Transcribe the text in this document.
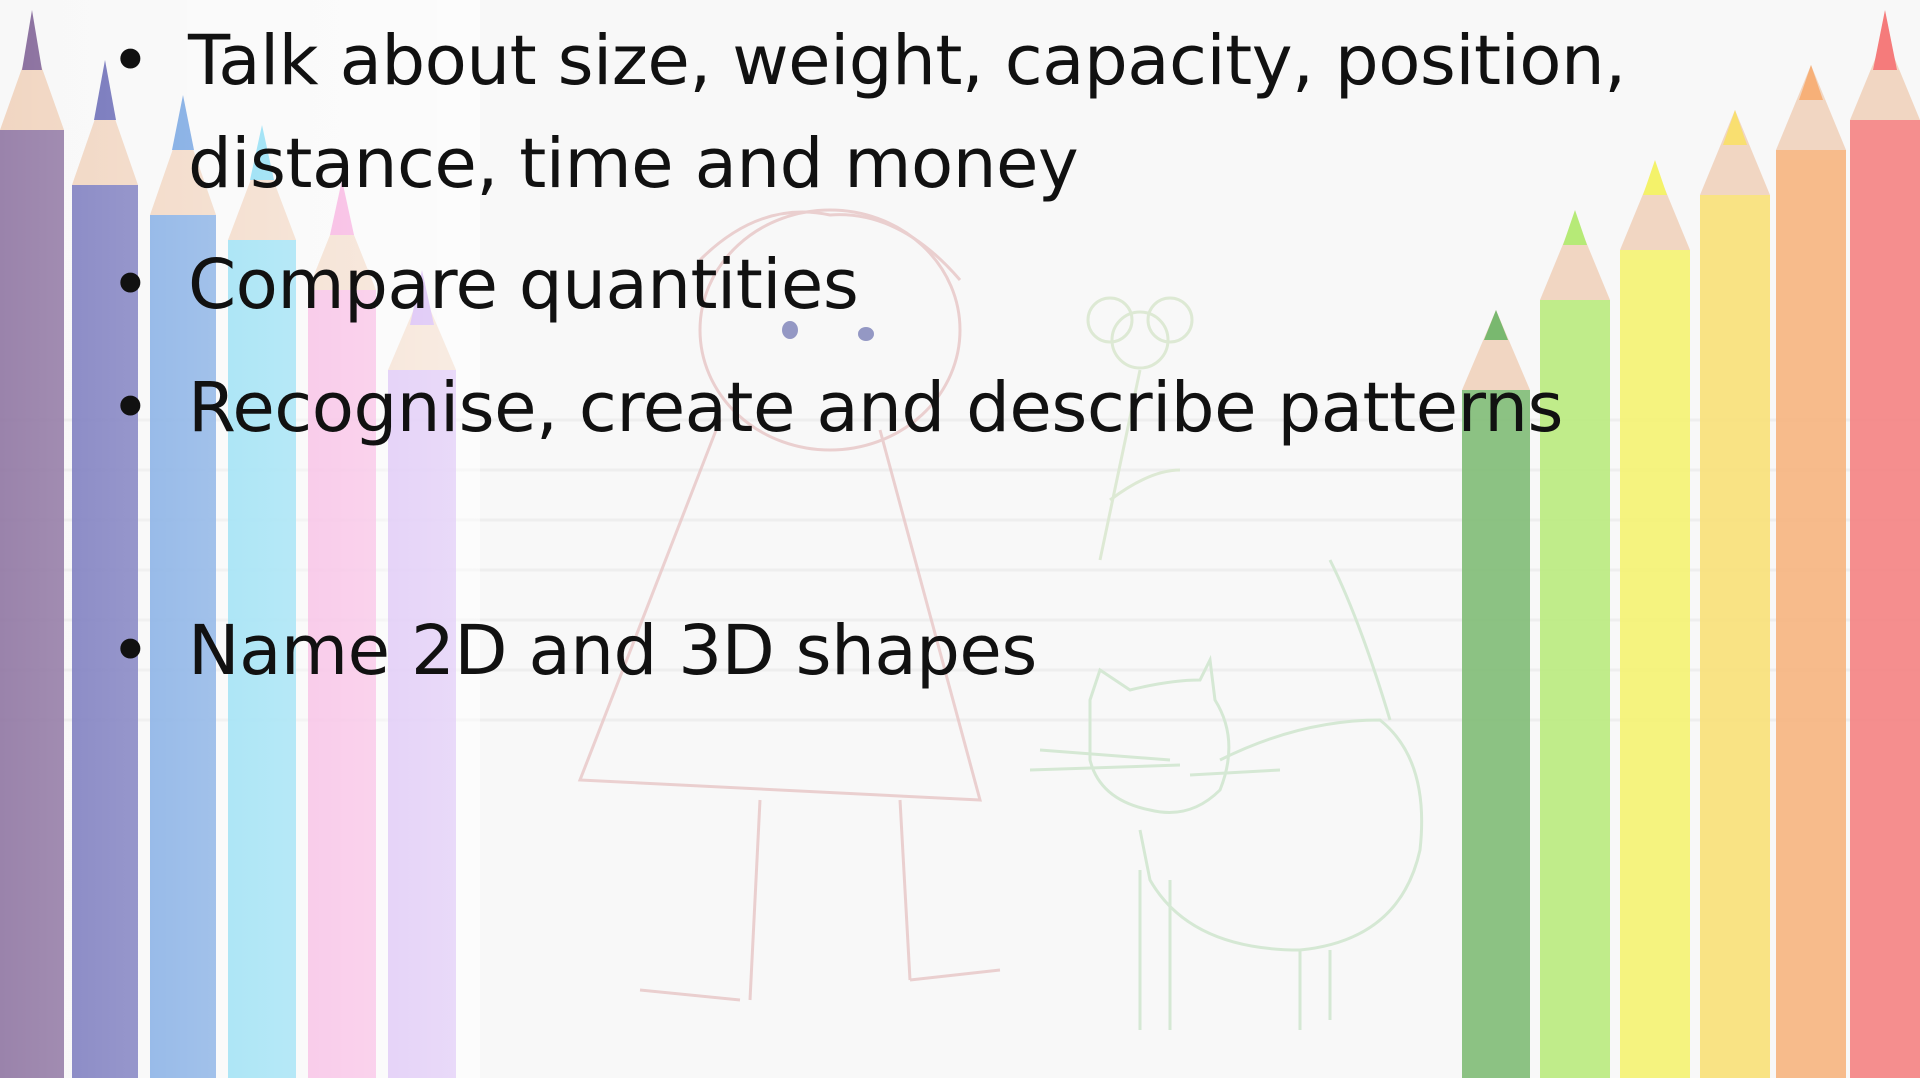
• Talk about size, weight, capacity, position, distance, time and money
• Compare quantities
• Recognise, create and describe patterns
• Name 2D and 3D shapes
